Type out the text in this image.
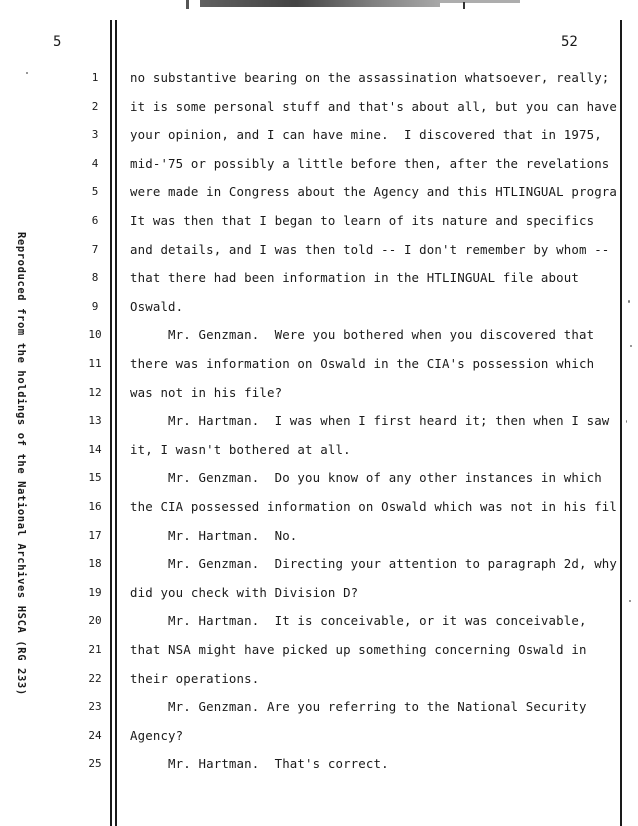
5	52
Reproduced from the holdings of the National Archives HSCA (RG 233)
1	no substantive bearing on the assassination whatsoever, really;
2	it is some personal stuff and that's about all, but you can have
3	your opinion, and I can have mine.  I discovered that in 1975,
4	mid-'75 or possibly a little before then, after the revelations
5	were made in Congress about the Agency and this HTLINGUAL progra
6	It was then that I began to learn of its nature and specifics
7	and details, and I was then told -- I don't remember by whom --
8	that there had been information in the HTLINGUAL file about
9	Oswald.
10	Mr. Genzman.  Were you bothered when you discovered that
11	there was information on Oswald in the CIA's possession which
12	was not in his file?
13	Mr. Hartman.  I was when I first heard it; then when I saw
14	it, I wasn't bothered at all.
15	Mr. Genzman.  Do you know of any other instances in which
16	the CIA possessed information on Oswald which was not in his fil
17	Mr. Hartman.  No.
18	Mr. Genzman.  Directing your attention to paragraph 2d, why
19	did you check with Division D?
20	Mr. Hartman.  It is conceivable, or it was conceivable,
21	that NSA might have picked up something concerning Oswald in
22	their operations.
23	Mr. Genzman. Are you referring to the National Security
24	Agency?
25	Mr. Hartman.  That's correct.
